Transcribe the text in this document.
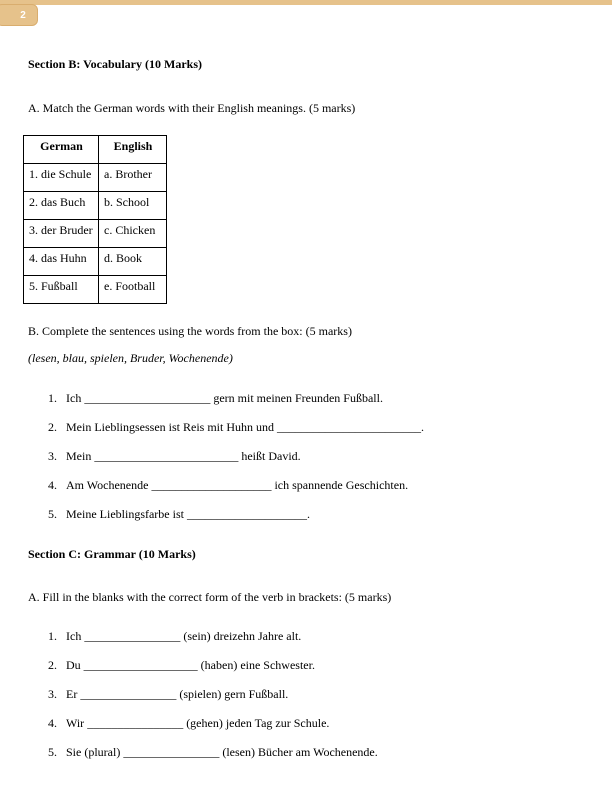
2
Section B: Vocabulary (10 Marks)
A. Match the German words with their English meanings. (5 marks)
German	English
1. die Schule	a. Brother
2. das Buch	b. School
3. der Bruder	c. Chicken
4. das Huhn	d. Book
5. Fußball	e. Football
B. Complete the sentences using the words from the box: (5 marks)
(lesen, blau, spielen, Bruder, Wochenende)
1. Ich _____________________ gern mit meinen Freunden Fußball.
2. Mein Lieblingsessen ist Reis mit Huhn und ________________________.
3. Mein ________________________ heißt David.
4. Am Wochenende ____________________ ich spannende Geschichten.
5. Meine Lieblingsfarbe ist ____________________.
Section C: Grammar (10 Marks)
A. Fill in the blanks with the correct form of the verb in brackets: (5 marks)
1. Ich ________________ (sein) dreizehn Jahre alt.
2. Du ___________________ (haben) eine Schwester.
3. Er ________________ (spielen) gern Fußball.
4. Wir ________________ (gehen) jeden Tag zur Schule.
5. Sie (plural) ________________ (lesen) Bücher am Wochenende.
